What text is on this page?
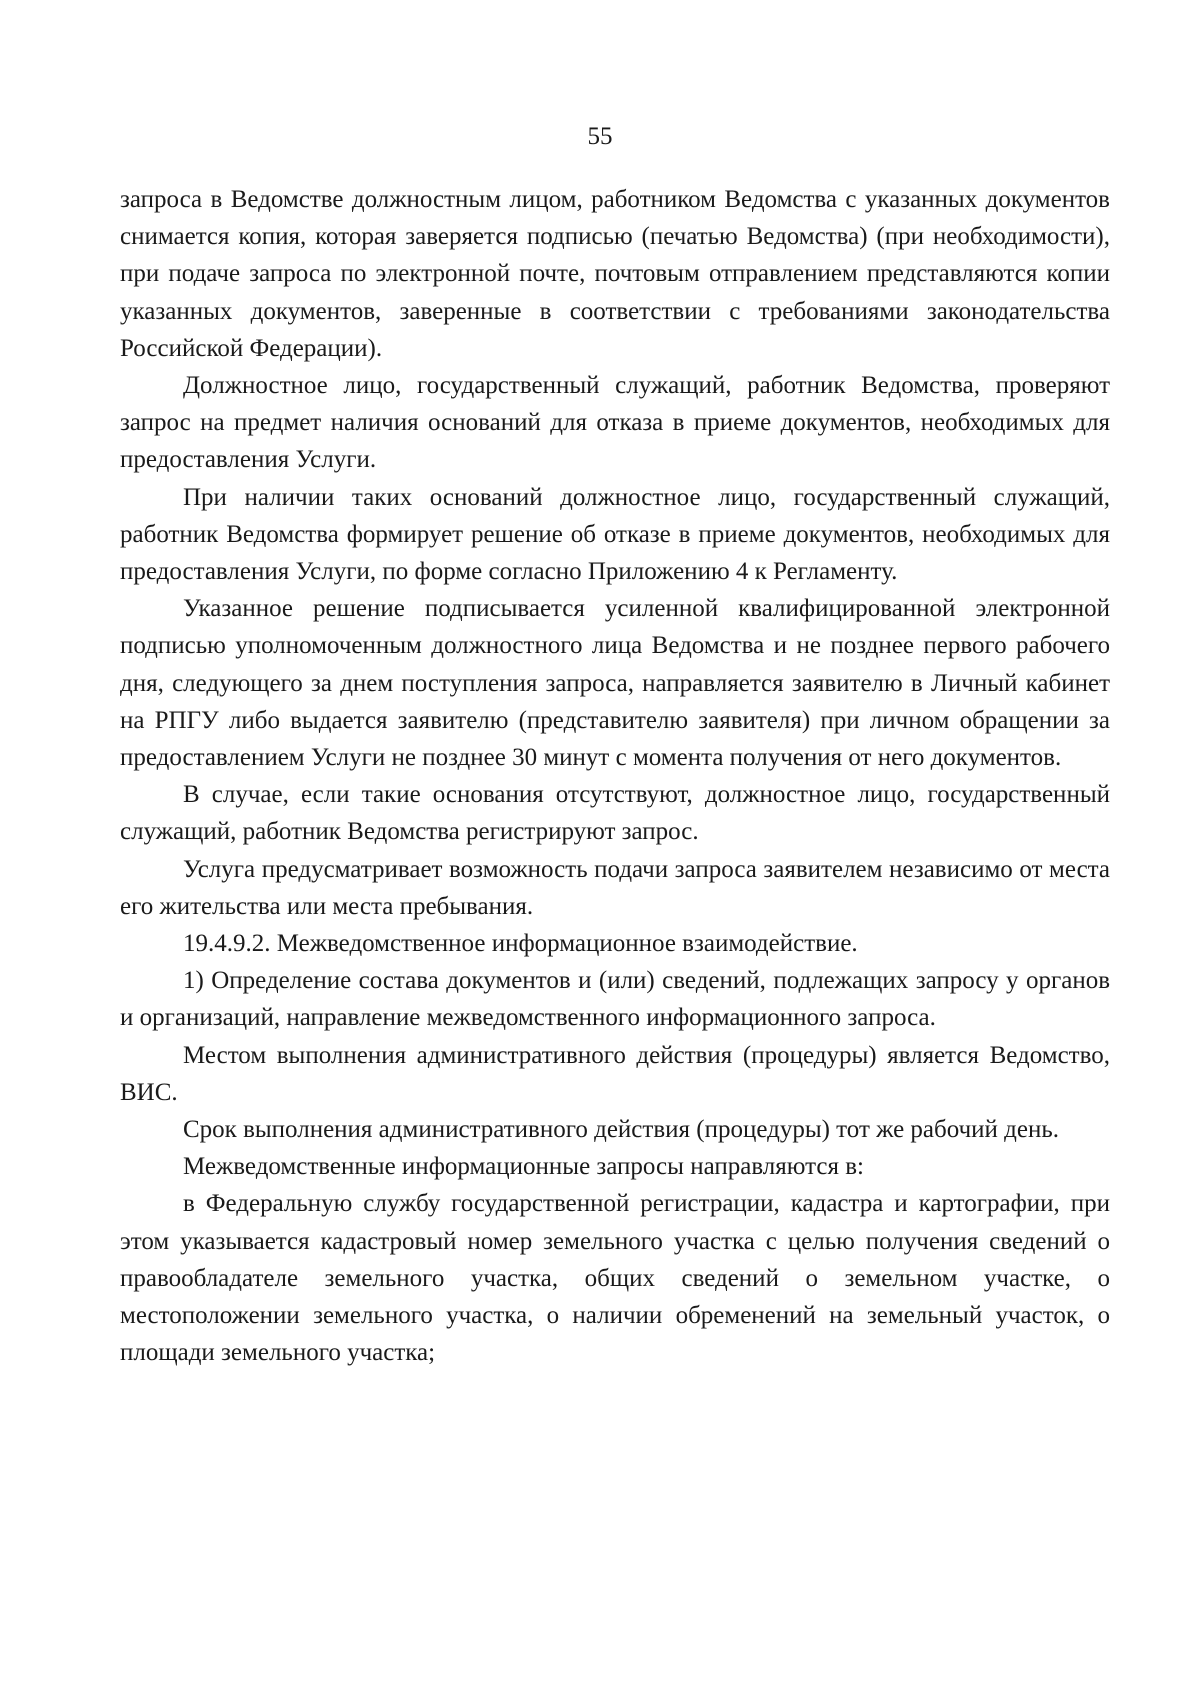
55

запроса в Ведомстве должностным лицом, работником Ведомства с указанных документов снимается копия, которая заверяется подписью (печатью Ведомства) (при необходимости), при подаче запроса по электронной почте, почтовым отправлением представляются копии указанных документов, заверенные в соответствии с требованиями законодательства Российской Федерации).

Должностное лицо, государственный служащий, работник Ведомства, проверяют запрос на предмет наличия оснований для отказа в приеме документов, необходимых для предоставления Услуги.

При наличии таких оснований должностное лицо, государственный служащий, работник Ведомства формирует решение об отказе в приеме документов, необходимых для предоставления Услуги, по форме согласно Приложению 4 к Регламенту.

Указанное решение подписывается усиленной квалифицированной электронной подписью уполномоченным должностного лица Ведомства и не позднее первого рабочего дня, следующего за днем поступления запроса, направляется заявителю в Личный кабинет на РПГУ либо выдается заявителю (представителю заявителя) при личном обращении за предоставлением Услуги не позднее 30 минут с момента получения от него документов.

В случае, если такие основания отсутствуют, должностное лицо, государственный служащий, работник Ведомства регистрируют запрос.

Услуга предусматривает возможность подачи запроса заявителем независимо от места его жительства или места пребывания.

19.4.9.2. Межведомственное информационное взаимодействие.

1) Определение состава документов и (или) сведений, подлежащих запросу у органов и организаций, направление межведомственного информационного запроса.

Местом выполнения административного действия (процедуры) является Ведомство, ВИС.

Срок выполнения административного действия (процедуры) тот же рабочий день.

Межведомственные информационные запросы направляются в:

в Федеральную службу государственной регистрации, кадастра и картографии, при этом указывается кадастровый номер земельного участка с целью получения сведений о правообладателе земельного участка, общих сведений о земельном участке, о местоположении земельного участка, о наличии обременений на земельный участок, о площади земельного участка;
